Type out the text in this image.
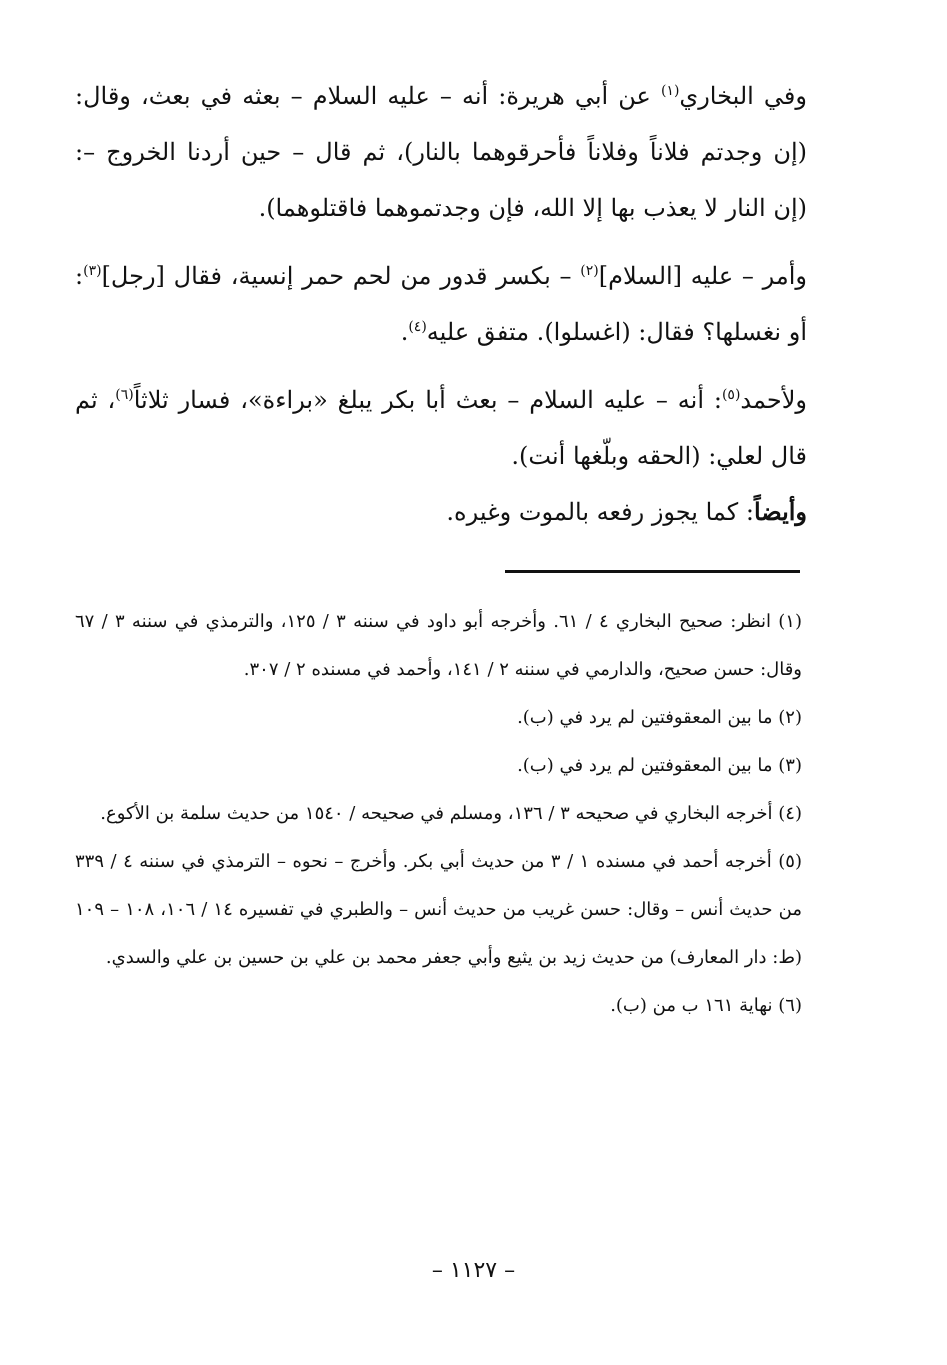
وفي البخاري$^{(١)}$ عن أبي هريرة: أنه – عليه السلام – بعثه في بعث، وقال: (إن وجدتم فلاناً وفلاناً فأحرقوهما بالنار)، ثم قال – حين أردنا الخروج –: (إن النار لا يعذب بها إلا الله، فإن وجدتموهما فاقتلوهما).

وأمر – عليه [السلام]$^{(٢)}$ – بكسر قدور من لحم حمر إنسية، فقال [رجل]$^{(٣)}$: أو نغسلها؟ فقال: (اغسلوا). متفق عليه$^{(٤)}$.

ولأحمد$^{(٥)}$: أنه – عليه السلام – بعث أبا بكر يبلغ «براءة»، فسار ثلاثاً$^{(٦)}$، ثم قال لعلي: (الحقه وبلّغها أنت).

وأيضاً: كما يجوز رفعه بالموت وغيره.

(١) انظر: صحيح البخاري ٤ / ٦١. وأخرجه أبو داود في سننه ٣ / ١٢٥، والترمذي في سننه ٣ / ٦٧ وقال: حسن صحيح، والدارمي في سننه ٢ / ١٤١، وأحمد في مسنده ٢ / ٣٠٧.

(٢) ما بين المعقوفتين لم يرد في (ب).

(٣) ما بين المعقوفتين لم يرد في (ب).

(٤) أخرجه البخاري في صحيحه ٣ / ١٣٦، ومسلم في صحيحه / ١٥٤٠ من حديث سلمة بن الأكوع.

(٥) أخرجه أحمد في مسنده ١ / ٣ من حديث أبي بكر. وأخرج – نحوه – الترمذي في سننه ٤ / ٣٣٩ من حديث أنس – وقال: حسن غريب من حديث أنس – والطبري في تفسيره ١٤ / ١٠٦، ١٠٨ – ١٠٩ (ط: دار المعارف) من حديث زيد بن يثيع وأبي جعفر محمد بن علي بن حسين بن علي والسدي.

(٦) نهاية ١٦١ ب من (ب).

– ١١٢٧ –
